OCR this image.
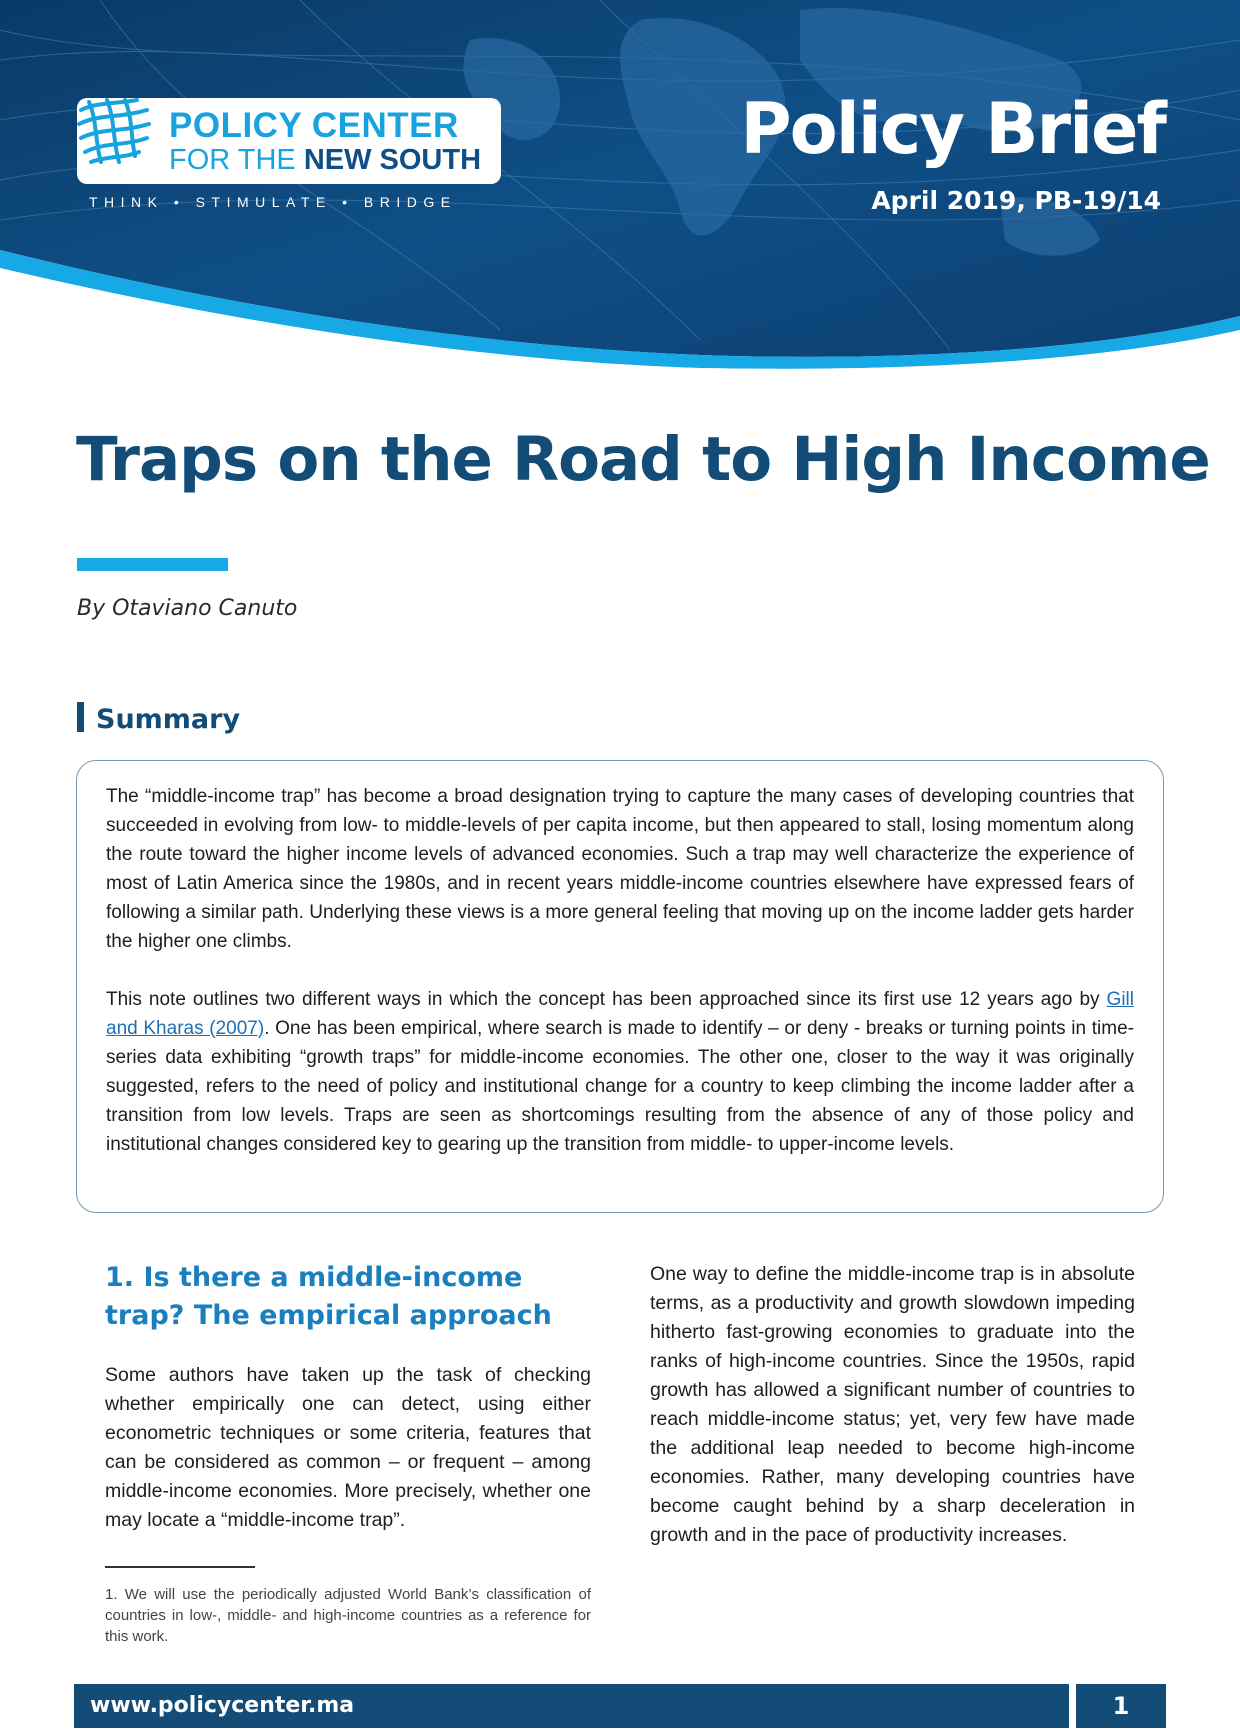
POLICY CENTER
FOR THE NEW SOUTH
THINK • STIMULATE • BRIDGE
Policy Brief
April 2019, PB-19/14
Traps on the Road to High Income
By Otaviano Canuto
Summary

The “middle-income trap” has become a broad designation trying to capture the many cases of developing countries that succeeded in evolving from low- to middle-levels of per capita income, but then appeared to stall, losing momentum along the route toward the higher income levels of advanced economies. Such a trap may well characterize the experience of most of Latin America since the 1980s, and in recent years middle-income countries elsewhere have expressed fears of following a similar path. Underlying these views is a more general feeling that moving up on the income ladder gets harder the higher one climbs.

This note outlines two different ways in which the concept has been approached since its first use 12 years ago by Gill and Kharas (2007). One has been empirical, where search is made to identify – or deny - breaks or turning points in time-series data exhibiting “growth traps” for middle-income economies. The other one, closer to the way it was originally suggested, refers to the need of policy and institutional change for a country to keep climbing the income ladder after a transition from low levels. Traps are seen as shortcomings resulting from the absence of any of those policy and institutional changes considered key to gearing up the transition from middle- to upper-income levels.

1. Is there a middle-income trap? The empirical approach

Some authors have taken up the task of checking whether empirically one can detect, using either econometric techniques or some criteria, features that can be considered as common – or frequent – among middle-income economies. More precisely, whether one may locate a “middle-income trap”.

One way to define the middle-income trap is in absolute terms, as a productivity and growth slowdown impeding hitherto fast-growing economies to graduate into the ranks of high-income countries. Since the 1950s, rapid growth has allowed a significant number of countries to reach middle-income status; yet, very few have made the additional leap needed to become high-income economies. Rather, many developing countries have become caught behind by a sharp deceleration in growth and in the pace of productivity increases.

1. We will use the periodically adjusted World Bank’s classification of countries in low-, middle- and high-income countries as a reference for this work.

www.policycenter.ma	1
